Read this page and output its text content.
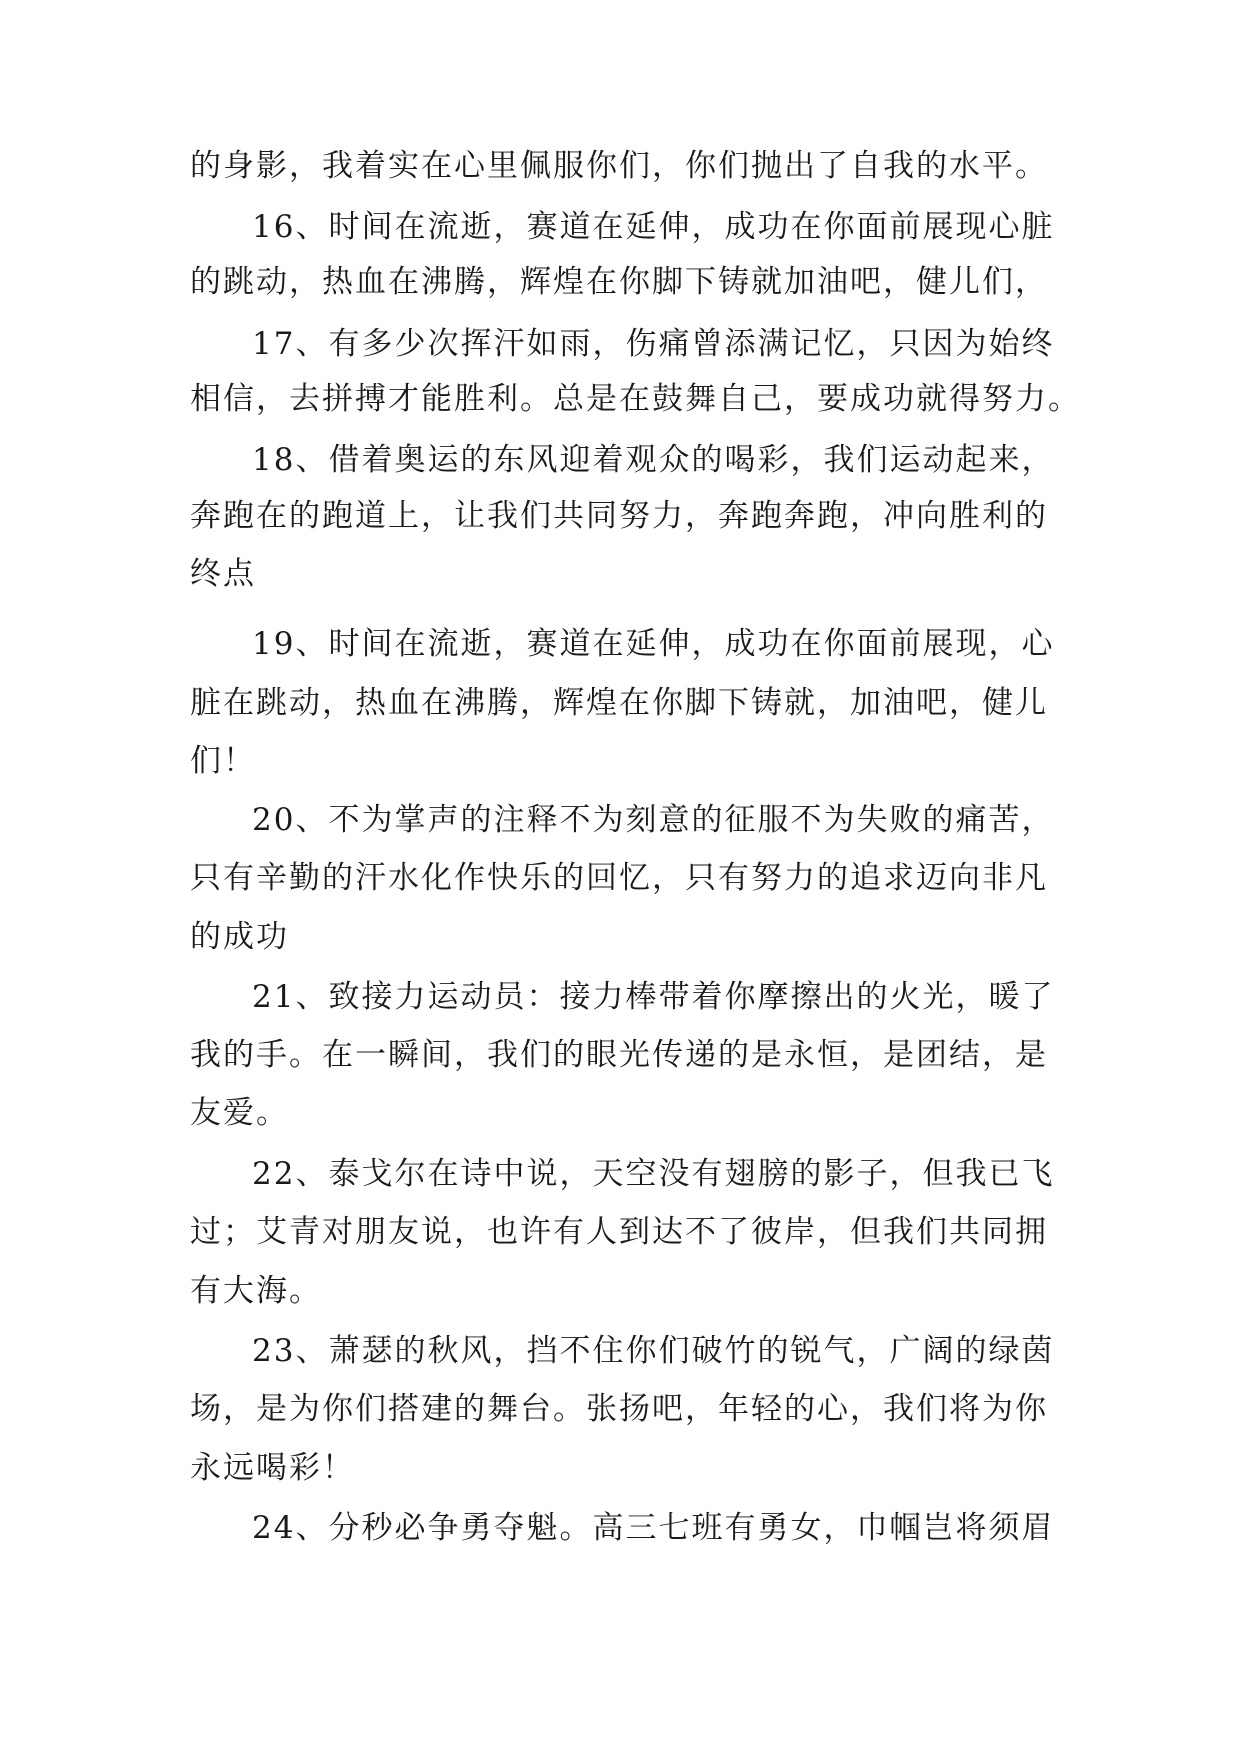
的身影，我着实在心里佩服你们，你们抛出了自我的水平。
16、时间在流逝，赛道在延伸，成功在你面前展现心脏
的跳动，热血在沸腾，辉煌在你脚下铸就加油吧，健儿们，
17、有多少次挥汗如雨，伤痛曾添满记忆，只因为始终
相信，去拼搏才能胜利。总是在鼓舞自己，要成功就得努力。
18、借着奥运的东风迎着观众的喝彩，我们运动起来，
奔跑在的跑道上，让我们共同努力，奔跑奔跑，冲向胜利的
终点
19、时间在流逝，赛道在延伸，成功在你面前展现，心
脏在跳动，热血在沸腾，辉煌在你脚下铸就，加油吧，健儿
们！
20、不为掌声的注释不为刻意的征服不为失败的痛苦，
只有辛勤的汗水化作快乐的回忆，只有努力的追求迈向非凡
的成功
21、致接力运动员：接力棒带着你摩擦出的火光，暖了
我的手。在一瞬间，我们的眼光传递的是永恒，是团结，是
友爱。
22、泰戈尔在诗中说，天空没有翅膀的影子，但我已飞
过；艾青对朋友说，也许有人到达不了彼岸，但我们共同拥
有大海。
23、萧瑟的秋风，挡不住你们破竹的锐气，广阔的绿茵
场，是为你们搭建的舞台。张扬吧，年轻的心，我们将为你
永远喝彩！
24、分秒必争勇夺魁。高三七班有勇女，巾帼岂将须眉
